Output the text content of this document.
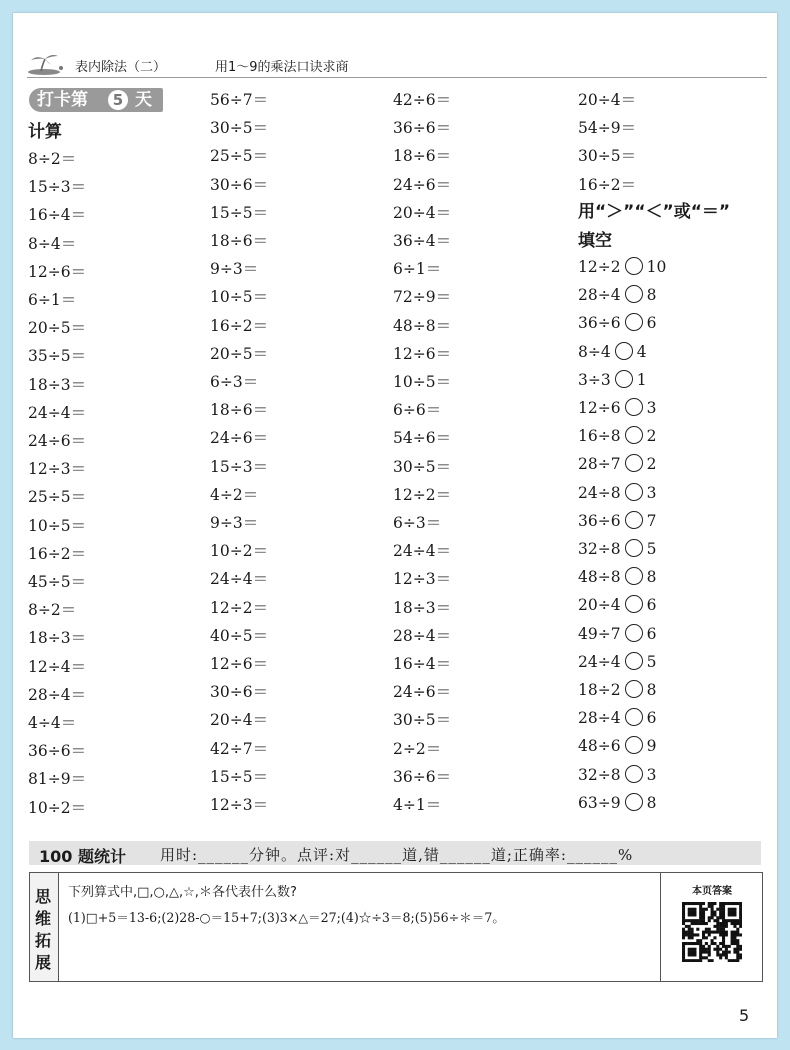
表内除法（二）	用1～9的乘法口诀求商
打卡第	5 天
计算
8÷2＝
15÷3＝
16÷4＝
8÷4＝
12÷6＝
6÷1＝
20÷5＝
35÷5＝
18÷3＝
24÷4＝
24÷6＝
12÷3＝
25÷5＝
10÷5＝
16÷2＝
45÷5＝
8÷2＝
18÷3＝
12÷4＝
28÷4＝
4÷4＝
36÷6＝
81÷9＝
10÷2＝
56÷7＝
30÷5＝
25÷5＝
30÷6＝
15÷5＝
18÷6＝
9÷3＝
10÷5＝
16÷2＝
20÷5＝
6÷3＝
18÷6＝
24÷6＝
15÷3＝
4÷2＝
9÷3＝
10÷2＝
24÷4＝
12÷2＝
40÷5＝
12÷6＝
30÷6＝
20÷4＝
42÷7＝
15÷5＝
12÷3＝
42÷6＝
36÷6＝
18÷6＝
24÷6＝
20÷4＝
36÷4＝
6÷1＝
72÷9＝
48÷8＝
12÷6＝
10÷5＝
6÷6＝
54÷6＝
30÷5＝
12÷2＝
6÷3＝
24÷4＝
12÷3＝
18÷3＝
28÷4＝
16÷4＝
24÷6＝
30÷5＝
2÷2＝
36÷6＝
4÷1＝
20÷4＝
54÷9＝
30÷5＝
16÷2＝
用“＞”“＜”或“＝”
填空
12÷2 10
28÷4 8
36÷6 6
8÷4 4
3÷3 1
12÷6 3
16÷8 2
28÷7 2
24÷8 3
36÷6 7
32÷8 5
48÷8 8
20÷4 6
49÷7 6
24÷4 5
18÷2 8
28÷4 6
48÷6 9
32÷8 3
63÷9 8
100 题统计 用时:______分钟。点评:对______道,错______道;正确率:______%
思
维
拓
展
下列算式中,□,○,△,☆,＊各代表什么数?
(1)□+5＝13-6;(2)28-○＝15+7;(3)3×△＝27;(4)☆÷3＝8;(5)56÷＊＝7。
本页答案
5
